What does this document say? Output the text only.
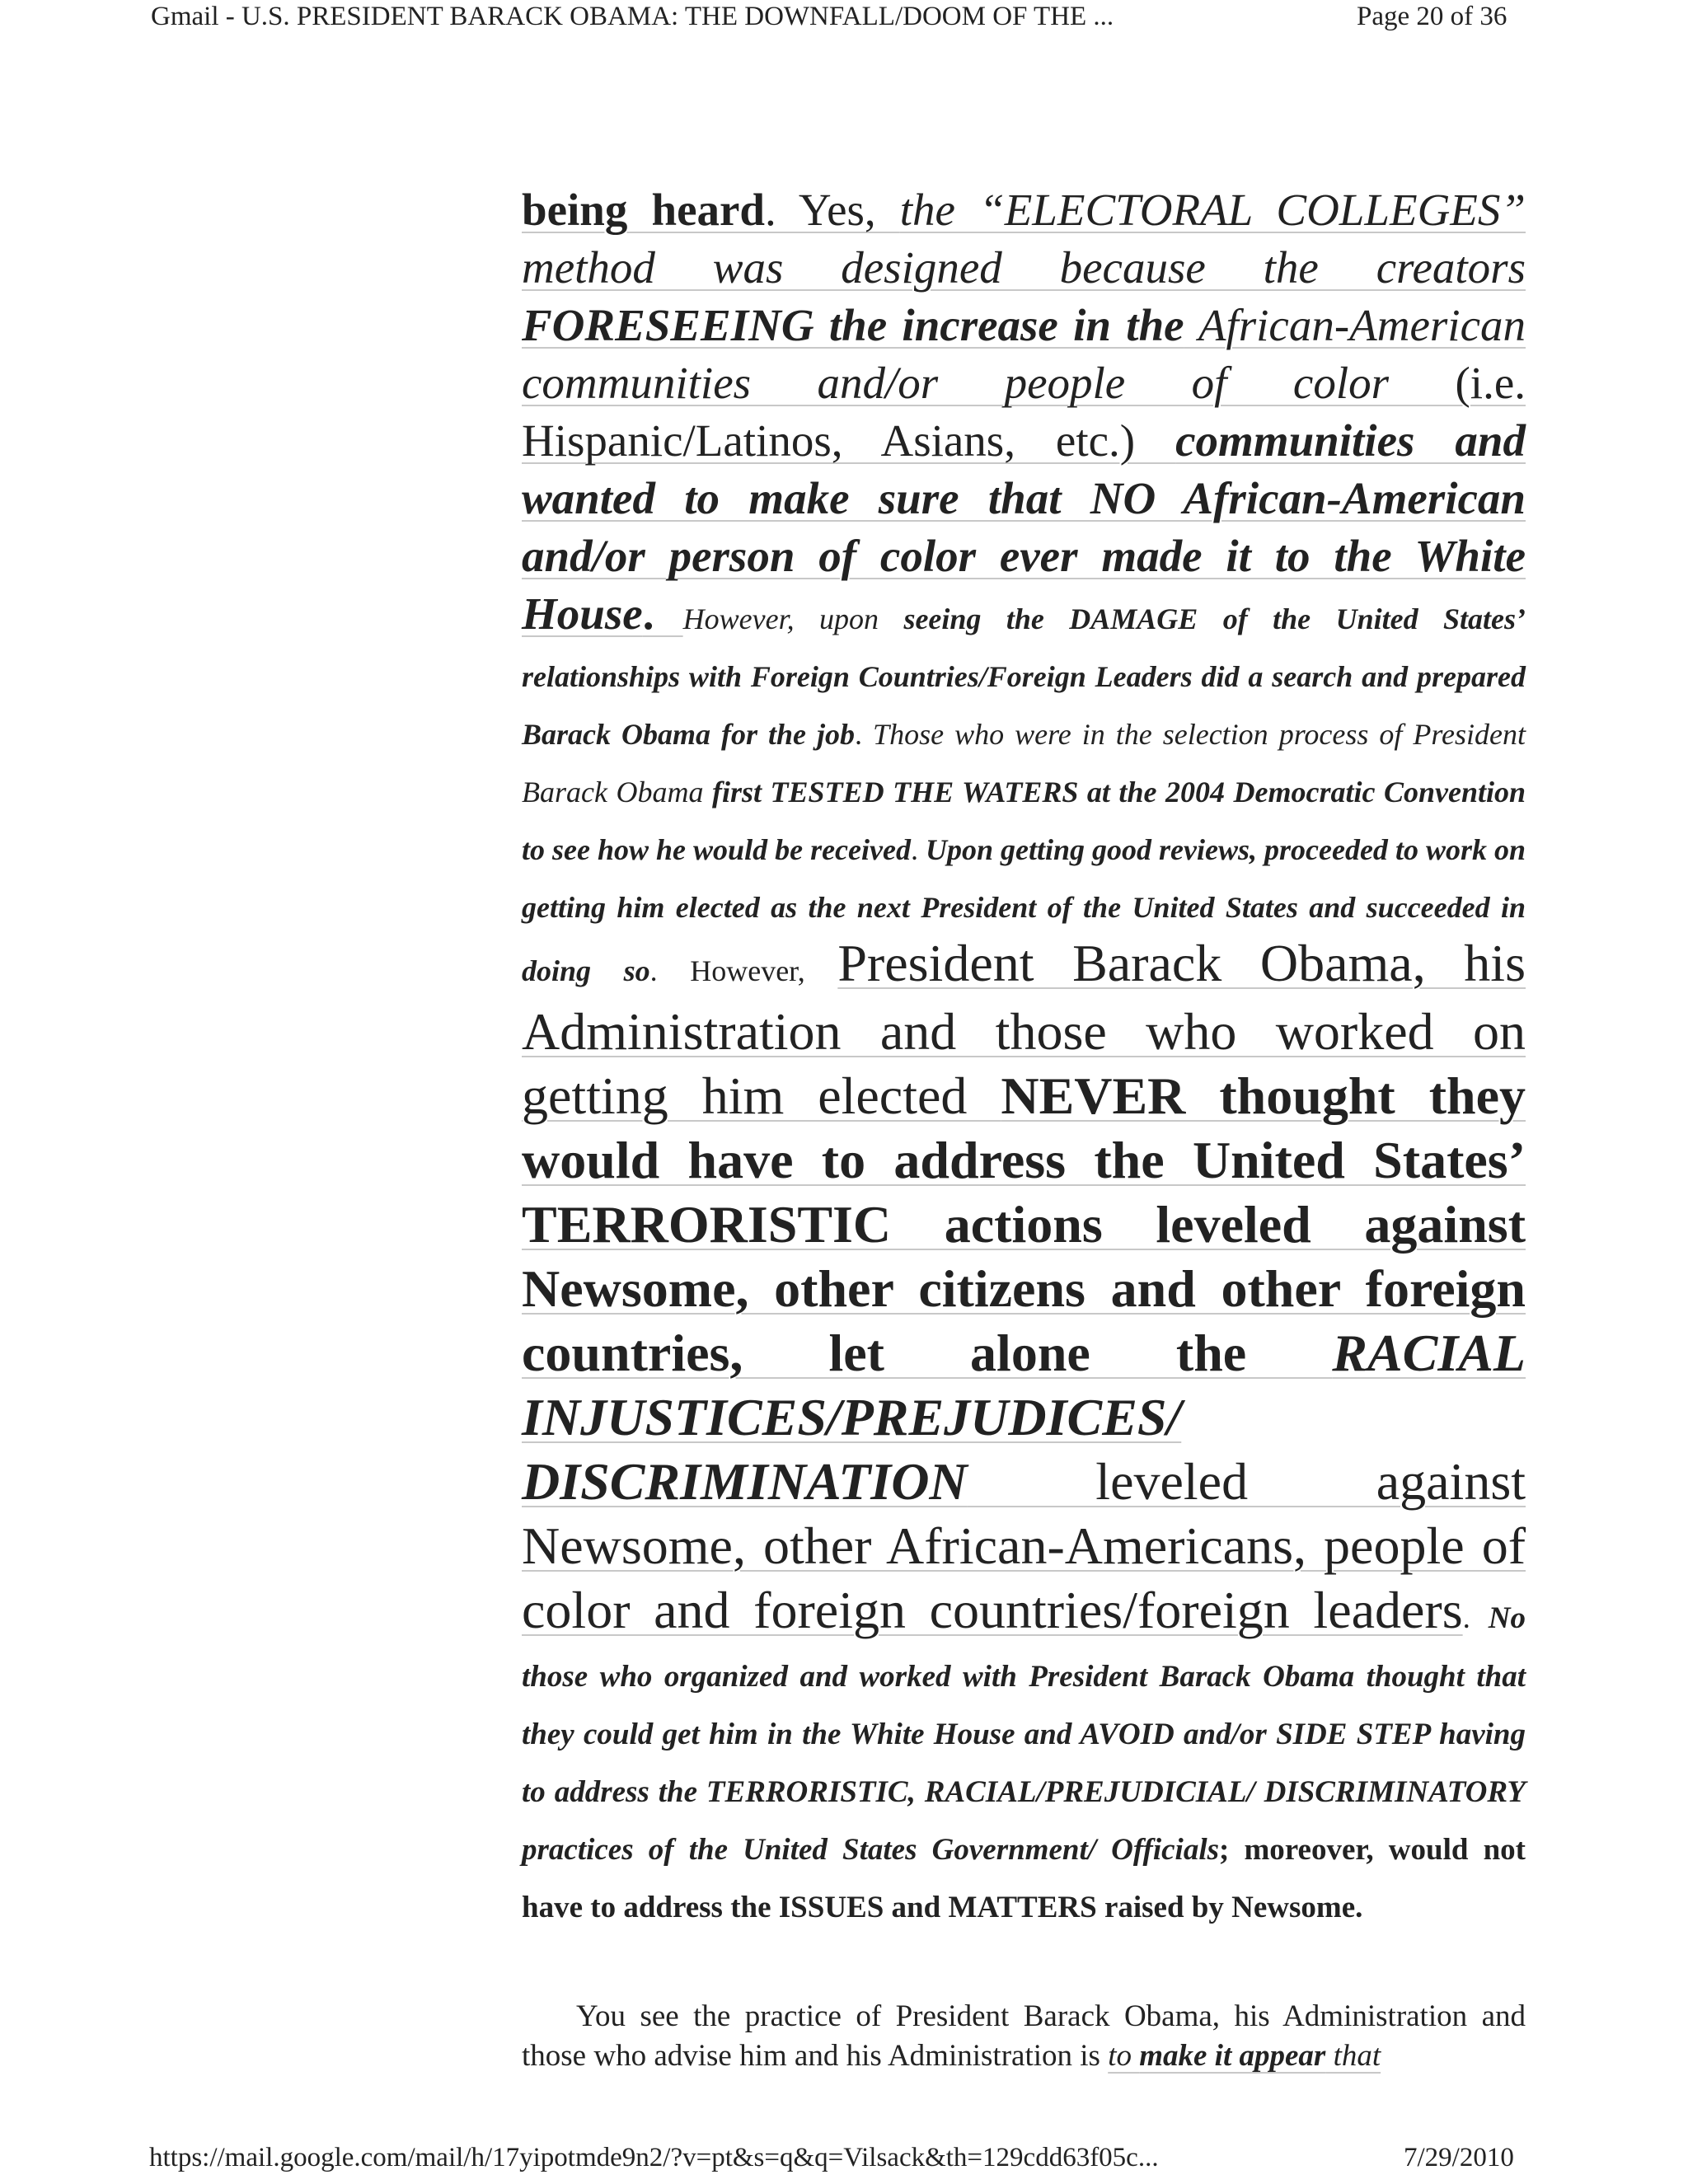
Gmail - U.S. PRESIDENT BARACK OBAMA: THE DOWNFALL/DOOM OF THE ...	Page 20 of 36

being heard. Yes, the “ELECTORAL COLLEGES” method was designed because the creators FORESEEING the increase in the African-American communities and/or people of color (i.e. Hispanic/Latinos, Asians, etc.) communities and wanted to make sure that NO African-American and/or person of color ever made it to the White House. However, upon seeing the DAMAGE of the United States’ relationships with Foreign Countries/Foreign Leaders did a search and prepared Barack Obama for the job. Those who were in the selection process of President Barack Obama first TESTED THE WATERS at the 2004 Democratic Convention to see how he would be received. Upon getting good reviews, proceeded to work on getting him elected as the next President of the United States and succeeded in doing so. However, President Barack Obama, his Administration and those who worked on getting him elected NEVER thought they would have to address the United States’ TERRORISTIC actions leveled against Newsome, other citizens and other foreign countries, let alone the RACIAL INJUSTICES/PREJUDICES/ DISCRIMINATION leveled against Newsome, other African-Americans, people of color and foreign countries/foreign leaders. No those who organized and worked with President Barack Obama thought that they could get him in the White House and AVOID and/or SIDE STEP having to address the TERRORISTIC, RACIAL/PREJUDICIAL/ DISCRIMINATORY practices of the United States Government/ Officials; moreover, would not have to address the ISSUES and MATTERS raised by Newsome.

You see the practice of President Barack Obama, his Administration and those who advise him and his Administration is to make it appear that

https://mail.google.com/mail/h/17yipotmde9n2/?v=pt&s=q&q=Vilsack&th=129cdd63f05c...	7/29/2010
